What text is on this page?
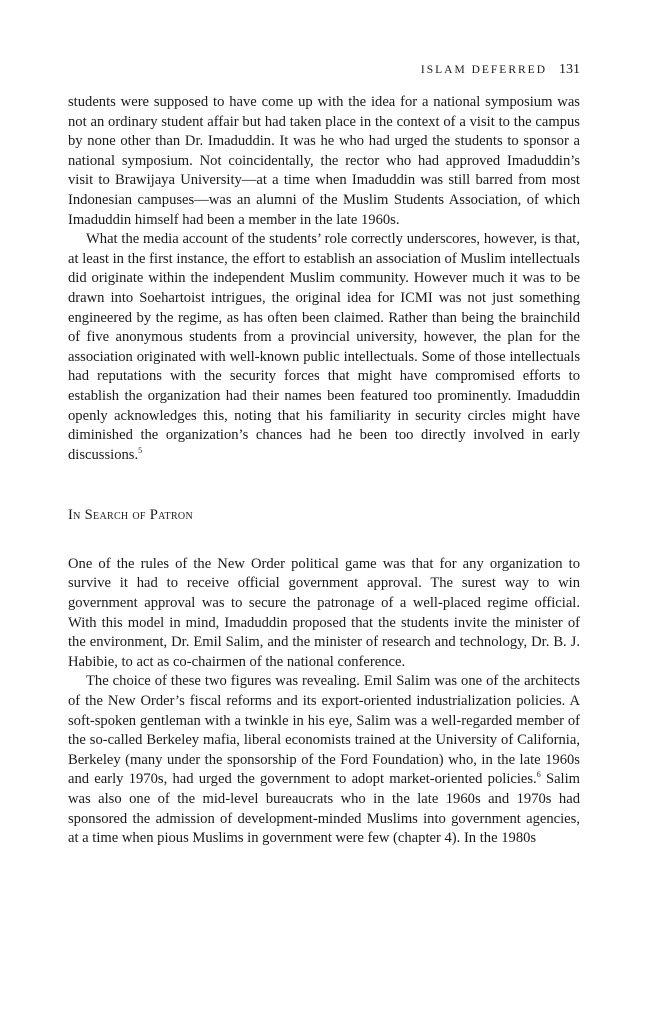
ISLAM DEFERRED 131

students were supposed to have come up with the idea for a national symposium was not an ordinary student affair but had taken place in the context of a visit to the campus by none other than Dr. Imaduddin. It was he who had urged the students to sponsor a national symposium. Not coincidentally, the rector who had approved Imaduddin’s visit to Brawijaya University—at a time when Imaduddin was still barred from most Indonesian campuses—was an alumni of the Muslim Students Association, of which Imaduddin himself had been a member in the late 1960s.

What the media account of the students’ role correctly underscores, however, is that, at least in the first instance, the effort to establish an association of Muslim intellectuals did originate within the independent Muslim community. However much it was to be drawn into Soehartoist intrigues, the original idea for ICMI was not just something engineered by the regime, as has often been claimed. Rather than being the brainchild of five anonymous students from a provincial university, however, the plan for the association originated with well-known public intellectuals. Some of those intellectuals had reputations with the security forces that might have compromised efforts to establish the organization had their names been featured too prominently. Imaduddin openly acknowledges this, noting that his familiarity in security circles might have diminished the organization’s chances had he been too directly involved in early discussions.$^5$

In Search of Patron

One of the rules of the New Order political game was that for any organization to survive it had to receive official government approval. The surest way to win government approval was to secure the patronage of a well-placed regime official. With this model in mind, Imaduddin proposed that the students invite the minister of the environment, Dr. Emil Salim, and the minister of research and technology, Dr. B. J. Habibie, to act as co-chairmen of the national conference.

The choice of these two figures was revealing. Emil Salim was one of the architects of the New Order’s fiscal reforms and its export-oriented industrialization policies. A soft-spoken gentleman with a twinkle in his eye, Salim was a well-regarded member of the so-called Berkeley mafia, liberal economists trained at the University of California, Berkeley (many under the sponsorship of the Ford Foundation) who, in the late 1960s and early 1970s, had urged the government to adopt market-oriented policies.$^6$ Salim was also one of the mid-level bureaucrats who in the late 1960s and 1970s had sponsored the admission of development-minded Muslims into government agencies, at a time when pious Muslims in government were few (chapter 4). In the 1980s
